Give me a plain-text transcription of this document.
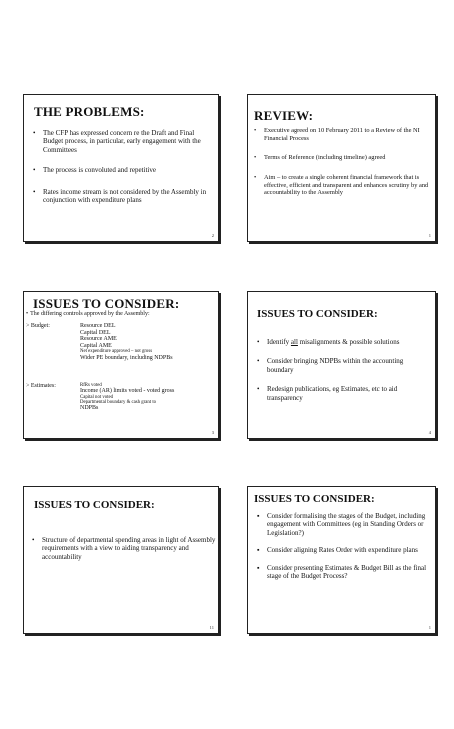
THE PROBLEMS:
• The CFP has expressed concern re the Draft and Final Budget process, in particular, early engagement with the Committees
• The process is convoluted and repetitive
• Rates income stream is not considered by the Assembly in conjunction with expenditure plans
2
REVIEW:
• Executive agreed on 10 February 2011 to a Review of the NI Financial Process
• Terms of Reference (including timeline) agreed
• Aim – to create a single coherent financial framework that is effective, efficient and transparent and enhances scrutiny by and accountability to the Assembly
1
ISSUES TO CONSIDER:
• The differing controls approved by the Assembly:
> Budget:	Resource DEL
Capital DEL
Resource AME
Capital AME
Net expenditure approved – not gross
Wider PE boundary, including NDPBs
> Estimates:	RfRs voted
Income (AR) limits voted - voted gross
Capital not voted
Departmental boundary & cash grant to
NDPBs
3
ISSUES TO CONSIDER:
• Identify all misalignments & possible solutions
• Consider bringing NDPBs within the accounting boundary
• Redesign publications, eg Estimates, etc to aid transparency
4
ISSUES TO CONSIDER:
• Structure of departmental spending areas in light of Assembly requirements with a view to aiding transparency and accountability
11
ISSUES TO CONSIDER:
▪ Consider formalising the stages of the Budget, including engagement with Committees (eg in Standing Orders or Legislation?)
▪ Consider aligning Rates Order with expenditure plans
▪ Consider presenting Estimates & Budget Bill as the final stage of the Budget Process?
1
